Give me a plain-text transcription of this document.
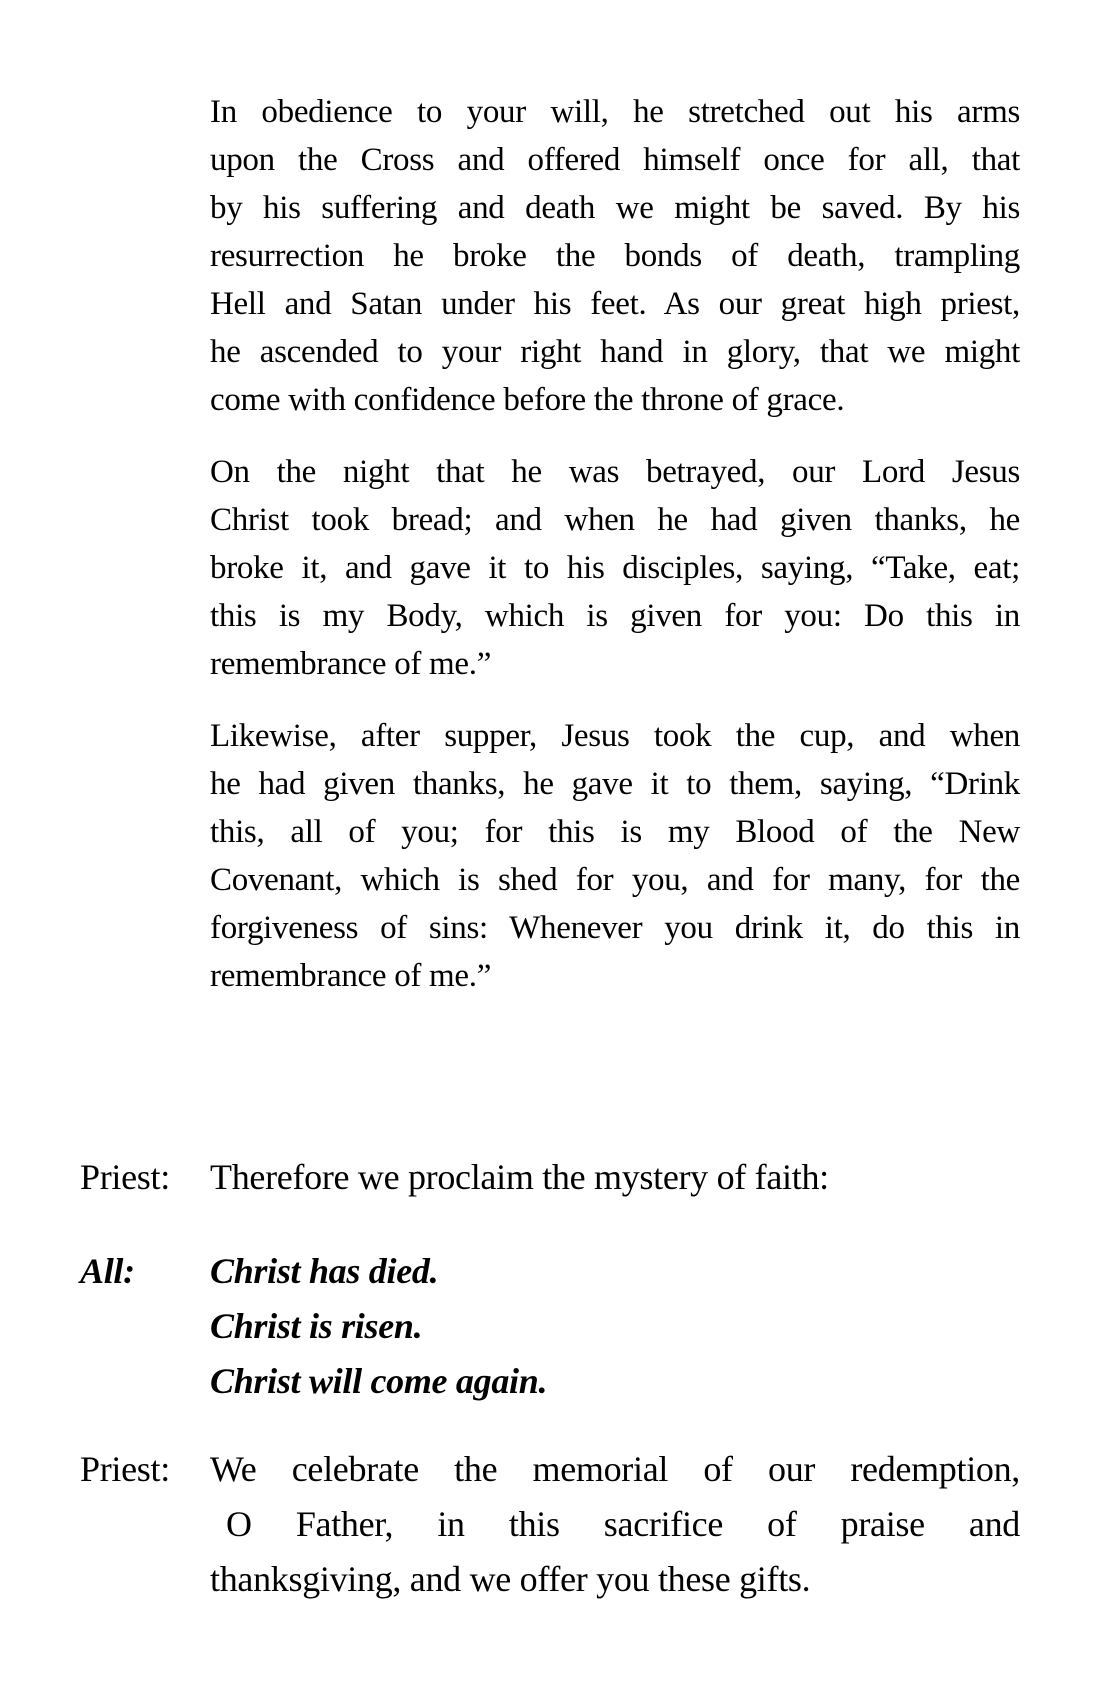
In obedience to your will, he stretched out his arms
upon the Cross and offered himself once for all, that
by his suffering and death we might be saved. By his
resurrection he broke the bonds of death, trampling
Hell and Satan under his feet. As our great high priest,
he ascended to your right hand in glory, that we might
come with confidence before the throne of grace.
On the night that he was betrayed, our Lord Jesus
Christ took bread; and when he had given thanks, he
broke it, and gave it to his disciples, saying, “Take, eat;
this is my Body, which is given for you: Do this in
remembrance of me.”
Likewise, after supper, Jesus took the cup, and when
he had given thanks, he gave it to them, saying, “Drink
this, all of you; for this is my Blood of the New
Covenant, which is shed for you, and for many, for the
forgiveness of sins: Whenever you drink it, do this in
remembrance of me.”
Priest:	Therefore we proclaim the mystery of faith:
All:	Christ has died.
Christ is risen.
Christ will come again.
Priest:	We celebrate the memorial of our redemption,
O Father, in this sacrifice of praise and
thanksgiving, and we offer you these gifts.
